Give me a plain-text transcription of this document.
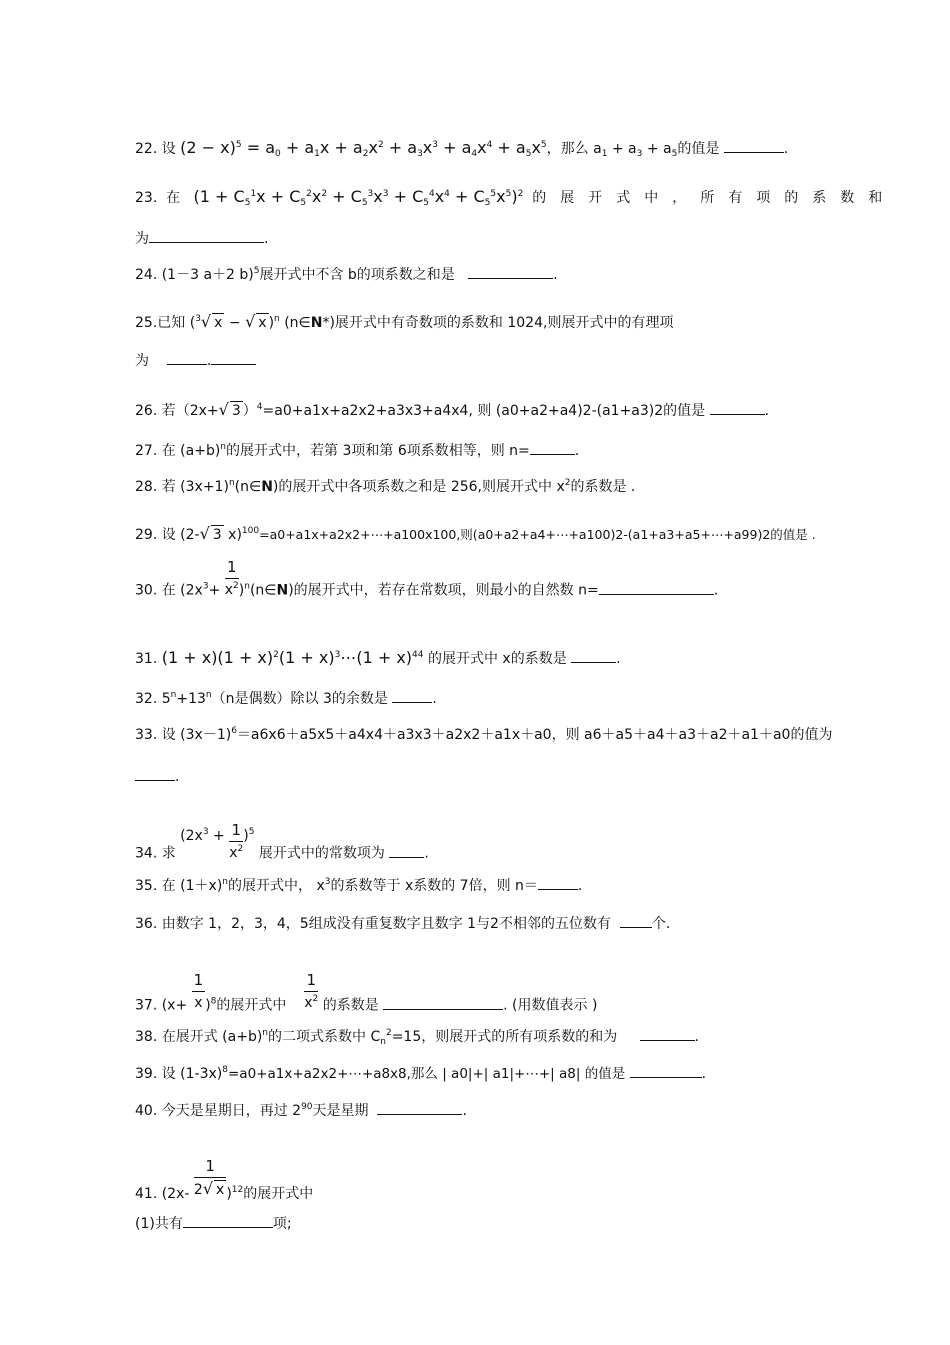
22. 设 $(2 - x)^5 = a_0 + a_1x + a_2x^2 + a_3x^3 + a_4x^4 + a_5x^5$，那么 $a_1 + a_3 + a_5$的值是	.
23. 在 $(1 + C_5^1x + C_5^2x^2 + C_5^3x^3 + C_5^4x^4 + C_5^5x^5)^2$ 的展开式中，所有项的系数和
为	.
24. (1－3 a＋2 b)$^5$展开式中不含 b的项系数之和是	.
25.已知 ($^3$√ x − √ x )$^n$ (n∈N*)展开式中有奇数项的系数和 1024,则展开式中的有理项
为	.
26. 若（2x+√ 3 ）$^4$=a0+a1x+a2x2+a3x3+a4x4, 则 (a0+a2+a4)2-(a1+a3)2的值是	.
27. 在 $(a+b)^n$的展开式中，若第 3项和第 6项系数相等，则 n=	.
28. 若 $(3x+1)^n(n\in N)$的展开式中各项系数之和是 256,则展开式中 $x^2$的系数是 .
29. 设 (2-√ 3 x)$^{100}$=a0+a1x+a2x2+⋯+a100x100,则(a0+a2+a4+⋯+a100)2-(a1+a3+a5+⋯+a99)2的值是 .
30. 在 ($2x^3+ \frac{1}{x^2}$ )$^n(n\in N)$的展开式中，若存在常数项，则最小的自然数 n=	.
31. $(1 + x)(1 + x)^2(1$ + $x)^3\cdots(1 + x)^{44}$ 的展开式中 x的系数是	.
32. $5^n+13^n(n$是偶数）除以 3的余数是	.
33. 设 $(3x-1)^6=a6x6+a5x5+a4x4+a3x3+a2x2+a1x+a0$，则 a6＋a5＋a4＋a3＋a2＋a1＋a0的值为
.
34. 求 $(2x^3 + \frac{1}{x^2} )^5$ 展开式中的常数项为	.
35. 在 $(1+x)^n$的展开式中， $x^3$的系数等于 x系数的 7倍，则 n＝	.
36. 由数字 1，2，3，4，5组成没有重复数字且数字 1与2不相邻的五位数有	个.
37. $(x+ \frac{1}{x} )^8$的展开式中 $\frac{1}{x^2}$ 的系数是	. (用数值表示 )
38. 在展开式 $(a+b)^n$的二项式系数中 $C_n^2=15$，则展开式的所有项系数的和为	.
39. 设 $(1-3x)^8=a0+a1x+a2x2+\cdots+a8x8$,那么 | a0|+| a1|+⋯+| a8| 的值是	.
40. 今天是星期日，再过 $2^{90}$天是星期	.
41. $(2x- \frac{1}{2√ x} )^{12}$的展开式中
(1)共有	项;
